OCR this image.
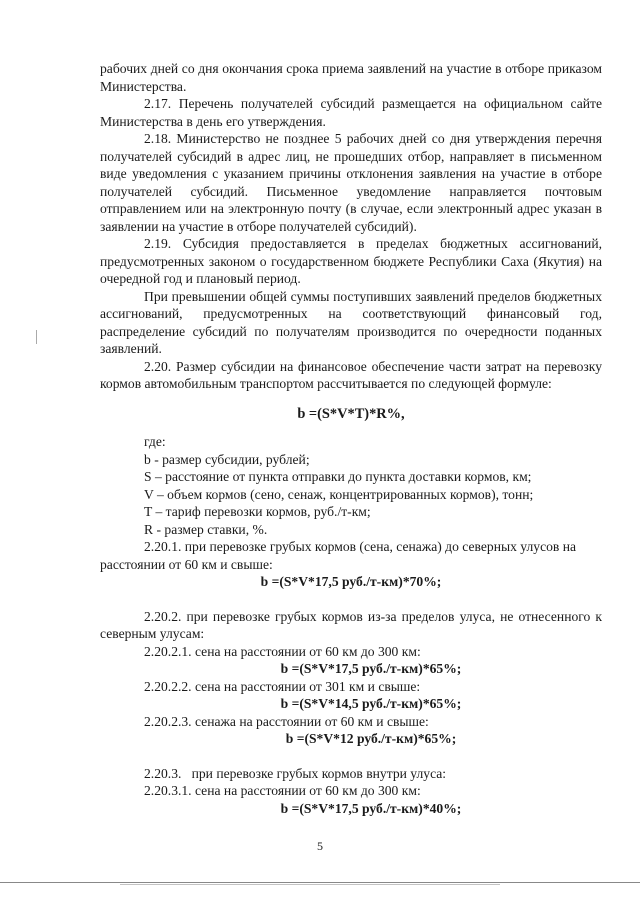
рабочих дней со дня окончания срока приема заявлений на участие в отборе приказом Министерства.

2.17. Перечень получателей субсидий размещается на официальном сайте Министерства в день его утверждения.

2.18. Министерство не позднее 5 рабочих дней со дня утверждения перечня получателей субсидий в адрес лиц, не прошедших отбор, направляет в письменном виде уведомления с указанием причины отклонения заявления на участие в отборе получателей субсидий. Письменное уведомление направляется почтовым отправлением или на электронную почту (в случае, если электронный адрес указан в заявлении на участие в отборе получателей субсидий).

2.19. Субсидия предоставляется в пределах бюджетных ассигнований, предусмотренных законом о государственном бюджете Республики Саха (Якутия) на очередной год и плановый период.

При превышении общей суммы поступивших заявлений пределов бюджетных ассигнований, предусмотренных на соответствующий финансовый год, распределение субсидий по получателям производится по очередности поданных заявлений.

2.20. Размер субсидии на финансовое обеспечение части затрат на перевозку кормов автомобильным транспортом рассчитывается по следующей формуле:

b =(S*V*T)*R%,

где:

b - размер субсидии, рублей;

S – расстояние от пункта отправки до пункта доставки кормов, км;

V – объем кормов (сено, сенаж, концентрированных кормов), тонн;

T – тариф перевозки кормов, руб./т-км;

R - размер ставки, %.

2.20.1. при перевозке грубых кормов (сена, сенажа) до северных улусов на расстоянии от 60 км и свыше:

b =(S*V*17,5 руб./т-км)*70%;

2.20.2. при перевозке грубых кормов из-за пределов улуса, не отнесенного к северным улусам:

2.20.2.1. сена на расстоянии от 60 км до 300 км:

b =(S*V*17,5 руб./т-км)*65%;

2.20.2.2. сена на расстоянии от 301 км и свыше:

b =(S*V*14,5 руб./т-км)*65%;

2.20.2.3. сенажа на расстоянии от 60 км и свыше:

b =(S*V*12 руб./т-км)*65%;

2.20.3.   при перевозке грубых кормов внутри улуса:

2.20.3.1. сена на расстоянии от 60 км до 300 км:

b =(S*V*17,5 руб./т-км)*40%;
5
